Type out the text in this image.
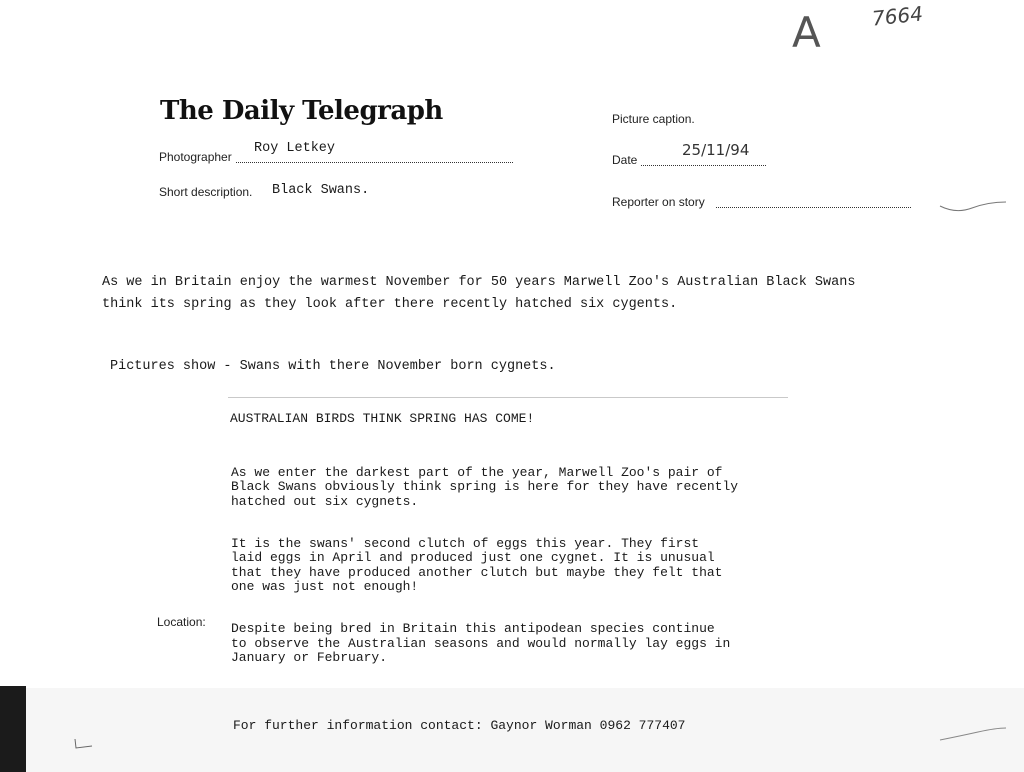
A	7664
The Daily Telegraph
Photographer
Roy Letkey
Short description. Black Swans.
Picture caption.
Date
25/11/94
Reporter on story
As we in Britain enjoy the warmest November for 50 years Marwell Zoo's Australian Black Swans
think its spring as they look after there recently hatched six cygents.
Pictures show - Swans with there November born cygnets.
AUSTRALIAN BIRDS THINK SPRING HAS COME!

As we enter the darkest part of the year, Marwell Zoo's pair of
Black Swans obviously think spring is here for they have recently
hatched out six cygnets.

It is the swans' second clutch of eggs this year. They first
laid eggs in April and produced just one cygnet. It is unusual
that they have produced another clutch but maybe they felt that
one was just not enough!

Despite being bred in Britain this antipodean species continue
to observe the Australian seasons and would normally lay eggs in
January or February.

Location:
For further information contact: Gaynor Worman 0962 777407
